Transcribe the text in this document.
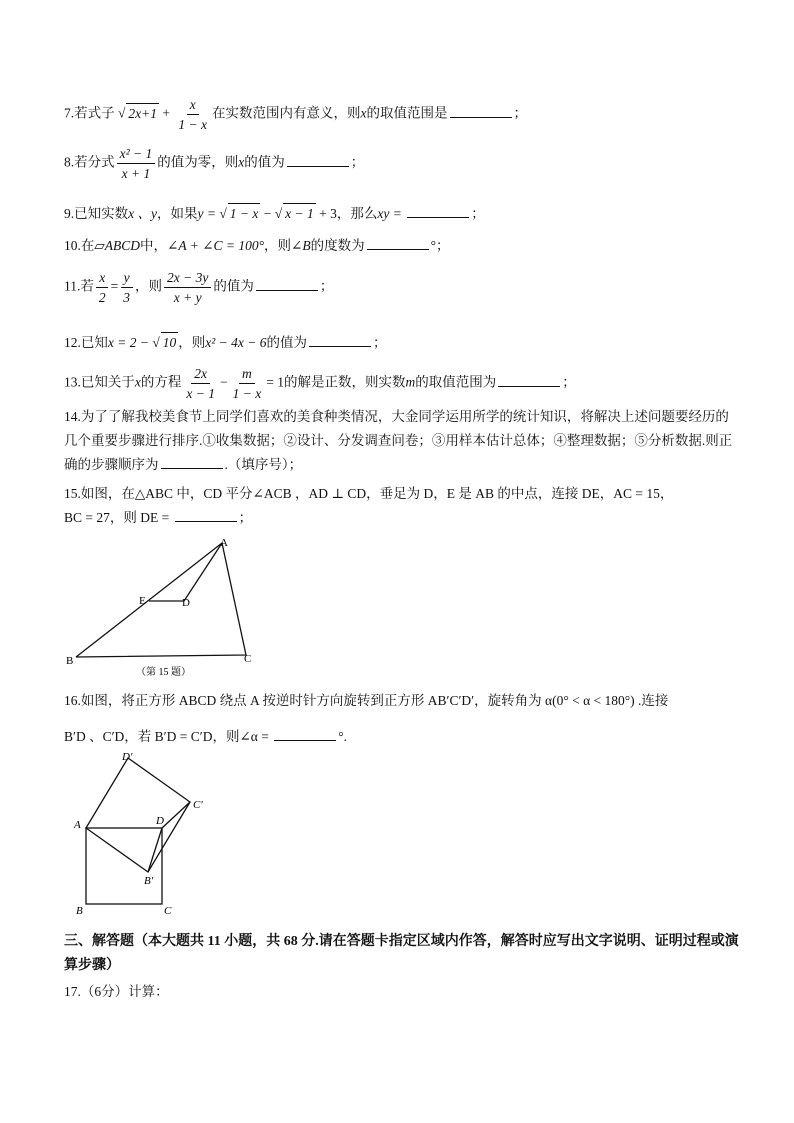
7.若式子 √ $2x+1 + \frac{x}{1 - x}$ 在实数范围内有意义，则x的取值范围是	；
8.若分式 $\frac{\text{x² − 1}}{x + 1}$ 的值为零，则x的值为	；
9.已知实数x 、y，如果y = √ 1 − x − √ x − 1 + 3，那么xy =	；
10.在▱ABCD中，∠A + ∠C = 100°，则∠B的度数为	°；
11.若 $\frac{x}{2} = \frac{y}{3}$ ，则 $\frac{2x - 3y}{x + y}$ 的值为	；
12.已知x = 2 − √ 10 ，则x² − 4x − 6的值为	；
13.已知关于x的方程 $\frac{2x}{x - 1} - \frac{m}{1 - x} = 1$的解是正数，则实数m的取值范围为	；
14.为了了解我校美食节上同学们喜欢的美食种类情况，大金同学运用所学的统计知识，将解决上述问题要经历的几个重要步骤进行排序.①收集数据；②设计、分发调查问卷；③用样本估计总体；④整理数据；⑤分析数据.则正确的步骤顺序为	.（填序号）；
15.如图，在△ABC 中，CD 平分∠ACB ，AD ⊥ CD，垂足为 D，E 是 AB 的中点，连接 DE，AC = 15，
BC = 27，则 DE =	；
A
B	C
D
E
（第 15 题）
16.如图，将正方形 ABCD 绕点 A 按逆时针方向旋转到正方形 AB′C′D′，旋转角为 α(0° < α < 180°) .连接
B′D 、C′D，若 B′D = C′D，则∠α =	°.
A
B	C
D
B′
C′
D′
三、解答题（本大题共 11 小题，共 68 分.请在答题卡指定区域内作答，解答时应写出文字说明、证明过程或演算步骤）
17.（6分）计算：
